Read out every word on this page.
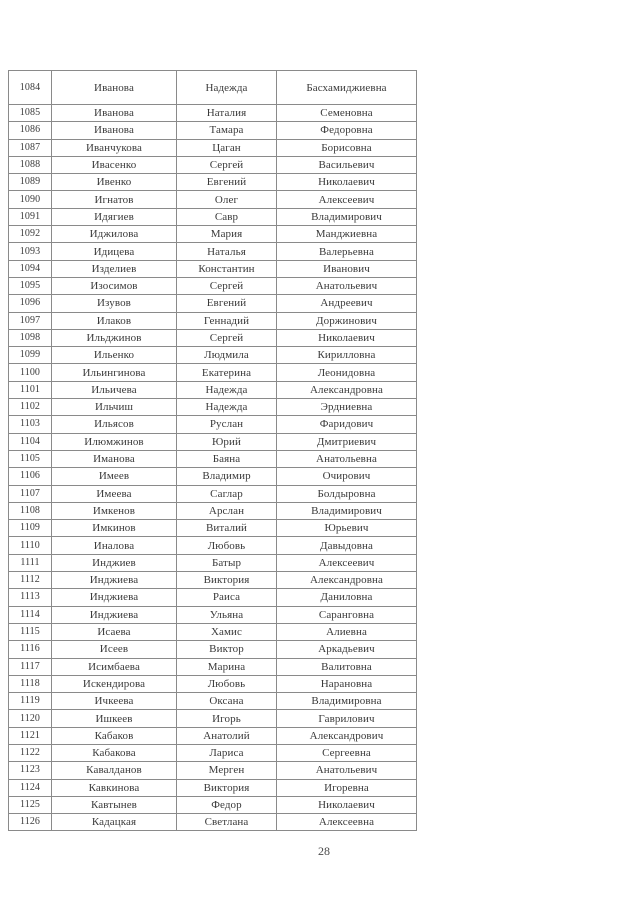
1084	Иванова	Надежда	Басхамиджиевна
1085	Иванова	Наталия	Семеновна
1086	Иванова	Тамара	Федоровна
1087	Иванчукова	Цаган	Борисовна
1088	Ивасенко	Сергей	Васильевич
1089	Ивенко	Евгений	Николаевич
1090	Игнатов	Олег	Алексеевич
1091	Идягиев	Савр	Владимирович
1092	Иджилова	Мария	Манджиевна
1093	Идицева	Наталья	Валерьевна
1094	Изделиев	Константин	Иванович
1095	Изосимов	Сергей	Анатольевич
1096	Изувов	Евгений	Андреевич
1097	Илаков	Геннадий	Доржинович
1098	Ильджинов	Сергей	Николаевич
1099	Ильенко	Людмила	Кирилловна
1100	Ильингинова	Екатерина	Леонидовна
1101	Ильичева	Надежда	Александровна
1102	Ильчиш	Надежда	Эрдниевна
1103	Ильясов	Руслан	Фаридович
1104	Илюмжинов	Юрий	Дмитриевич
1105	Иманова	Баяна	Анатольевна
1106	Имеев	Владимир	Очирович
1107	Имеева	Саглар	Болдыровна
1108	Имкенов	Арслан	Владимирович
1109	Имкинов	Виталий	Юрьевич
1110	Иналова	Любовь	Давыдовна
1111	Инджиев	Батыр	Алексеевич
1112	Инджиева	Виктория	Александровна
1113	Инджиева	Раиса	Даниловна
1114	Инджиева	Ульяна	Саранговна
1115	Исаева	Хамис	Алиевна
1116	Исеев	Виктор	Аркадьевич
1117	Исимбаева	Марина	Валитовна
1118	Искендирова	Любовь	Нарановна
1119	Ичкеева	Оксана	Владимировна
1120	Ишкеев	Игорь	Гаврилович
1121	Кабаков	Анатолий	Александрович
1122	Кабакова	Лариса	Сергеевна
1123	Кавалданов	Мерген	Анатольевич
1124	Кавкинова	Виктория	Игоревна
1125	Кавтынев	Федор	Николаевич
1126	Кадацкая	Светлана	Алексеевна
28
